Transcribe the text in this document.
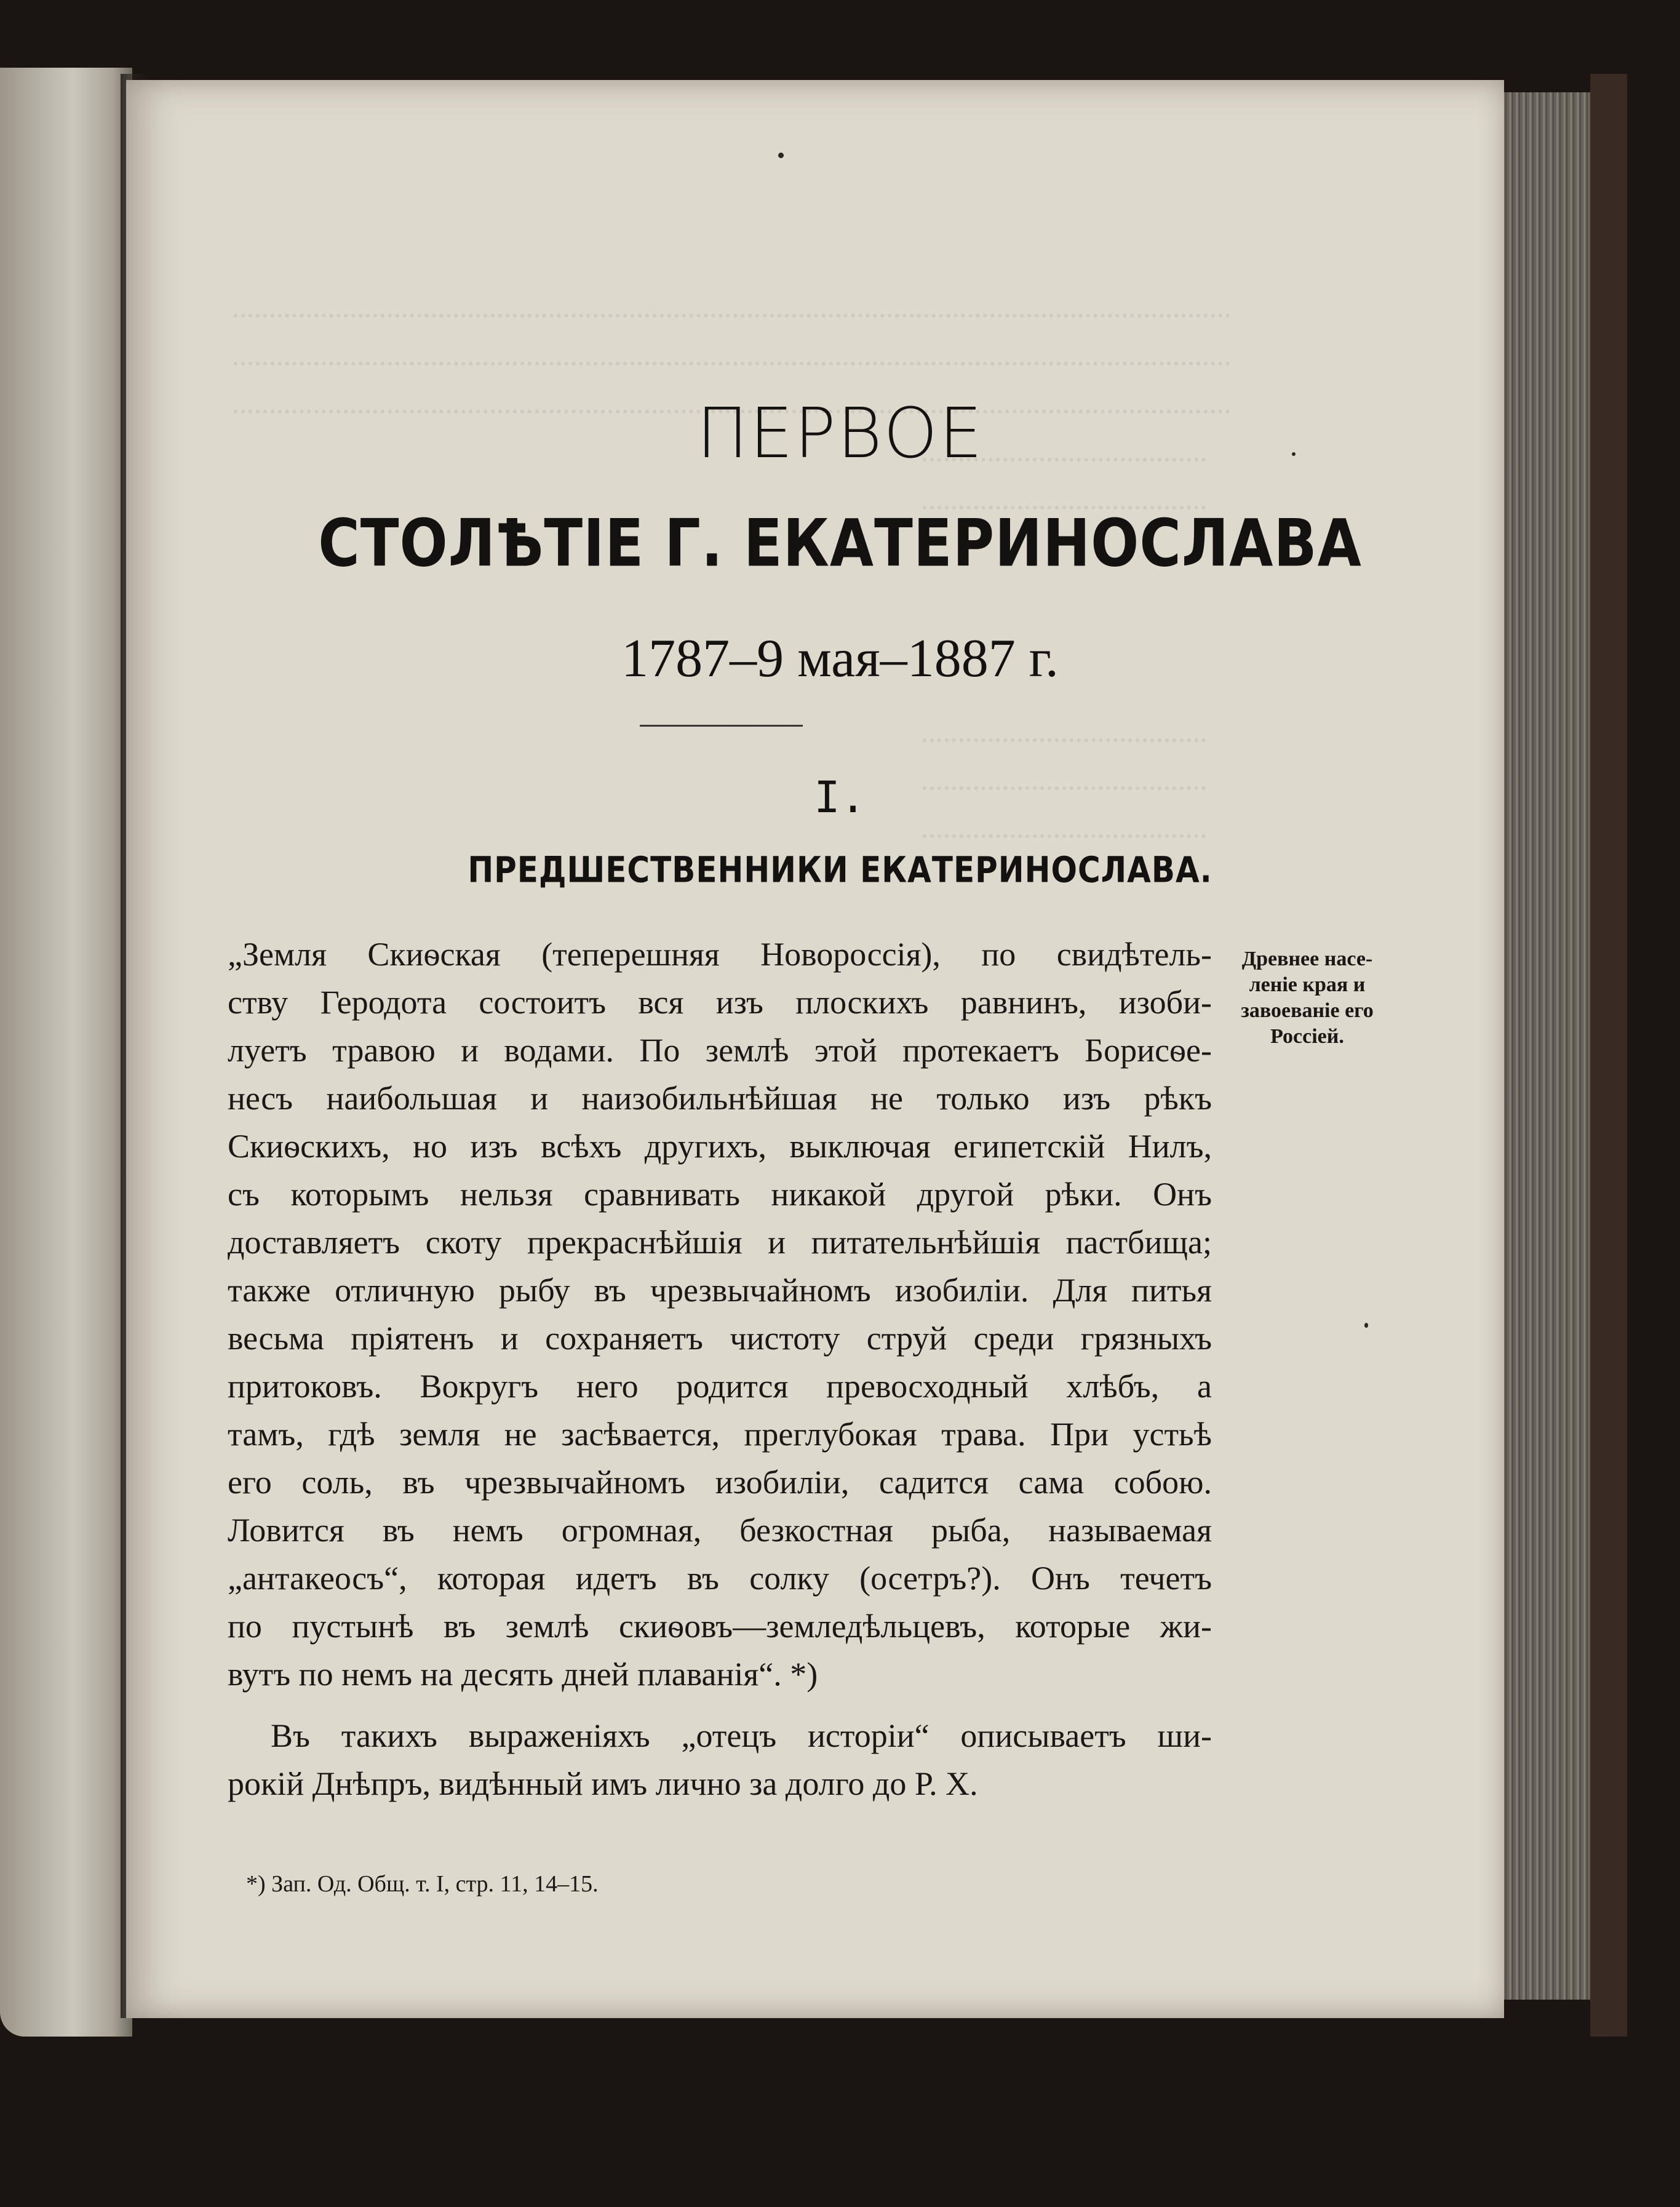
ПЕРВОЕ
СТОЛѢТІЕ Г. ЕКАТЕРИНОСЛАВА
1787–9 мая–1887 г.
I.
ПРЕДШЕСТВЕННИКИ ЕКАТЕРИНОСЛАВА.
„Земля Скиѳская (теперешняя Новороссія), по свидѣтель-
ству Геродота состоитъ вся изъ плоскихъ равнинъ, изоби-
луетъ травою и водами. По землѣ этой протекаетъ Борисѳе-
несъ наибольшая и наизобильнѣйшая не только изъ рѣкъ
Скиѳскихъ, но изъ всѣхъ другихъ, выключая египетскій Нилъ,
съ которымъ нельзя сравнивать никакой другой рѣки. Онъ
доставляетъ скоту прекраснѣйшія и питательнѣйшія пастбища;
также отличную рыбу въ чрезвычайномъ изобиліи. Для питья
весьма пріятенъ и сохраняетъ чистоту струй среди грязныхъ
притоковъ. Вокругъ него родится превосходный хлѣбъ, а
тамъ, гдѣ земля не засѣвается, преглубокая трава. При устьѣ
его соль, въ чрезвычайномъ изобиліи, садится сама собою.
Ловится въ немъ огромная, безкостная рыба, называемая
„антакеосъ“, которая идетъ въ солку (осетръ?). Онъ течетъ
по пустынѣ въ землѣ скиѳовъ—земледѣльцевъ, которые жи-
вутъ по немъ на десять дней плаванія“. *)
Въ такихъ выраженіяхъ „отецъ исторіи“ описываетъ ши-
рокій Днѣпръ, видѣнный имъ лично за долго до Р. Х.
Древнее насе-
леніе края и
завоеваніе его
Россіей.
*) Зап. Од. Общ. т. I, стр. 11, 14–15.
